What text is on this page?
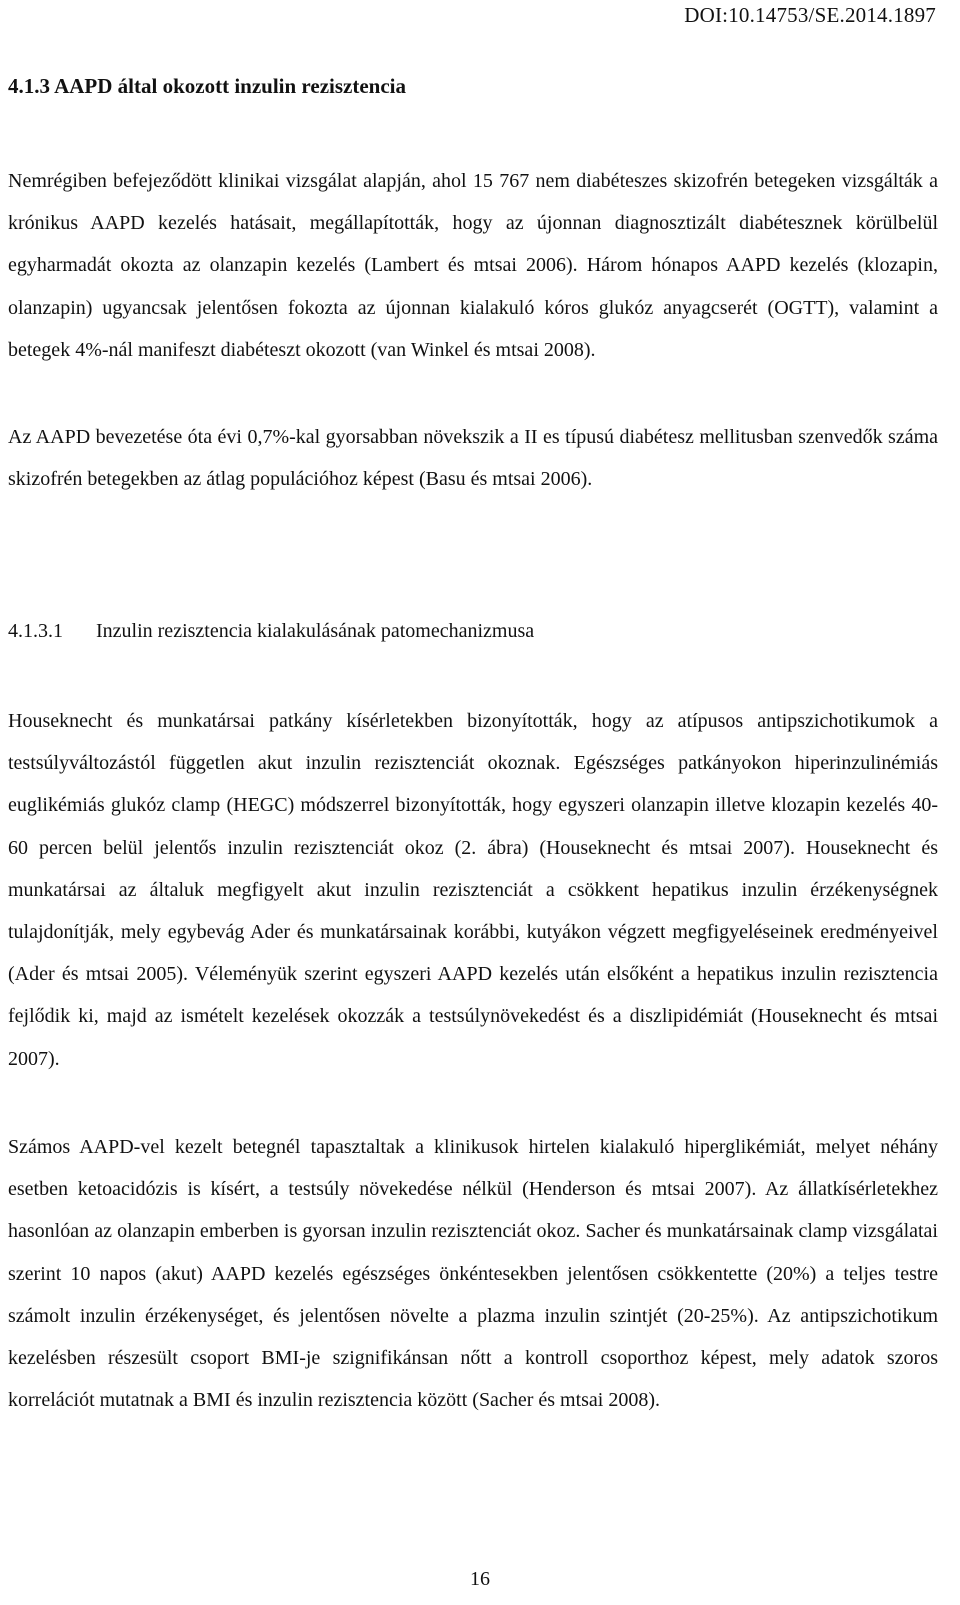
DOI:10.14753/SE.2014.1897
4.1.3 AAPD által okozott inzulin rezisztencia

Nemrégiben befejeződött klinikai vizsgálat alapján, ahol 15 767 nem diabéteszes skizofrén betegeken vizsgálták a krónikus AAPD kezelés hatásait, megállapították, hogy az újonnan diagnosztizált diabétesznek körülbelül egyharmadát okozta az olanzapin kezelés (Lambert és mtsai 2006). Három hónapos AAPD kezelés (klozapin, olanzapin) ugyancsak jelentősen fokozta az újonnan kialakuló kóros glukóz anyagcserét (OGTT), valamint a betegek 4%-nál manifeszt diabéteszt okozott (van Winkel és mtsai 2008).

Az AAPD bevezetése óta évi 0,7%-kal gyorsabban növekszik a II es típusú diabétesz mellitusban szenvedők száma skizofrén betegekben az átlag populációhoz képest (Basu és mtsai 2006).

4.1.3.1 Inzulin rezisztencia kialakulásának patomechanizmusa

Houseknecht és munkatársai patkány kísérletekben bizonyították, hogy az atípusos antipszichotikumok a testsúlyváltozástól független akut inzulin rezisztenciát okoznak. Egészséges patkányokon hiperinzulinémiás euglikémiás glukóz clamp (HEGC) módszerrel bizonyították, hogy egyszeri olanzapin illetve klozapin kezelés 40-60 percen belül jelentős inzulin rezisztenciát okoz (2. ábra) (Houseknecht és mtsai 2007). Houseknecht és munkatársai az általuk megfigyelt akut inzulin rezisztenciát a csökkent hepatikus inzulin érzékenységnek tulajdonítják, mely egybevág Ader és munkatársainak korábbi, kutyákon végzett megfigyeléseinek eredményeivel (Ader és mtsai 2005). Véleményük szerint egyszeri AAPD kezelés után elsőként a hepatikus inzulin rezisztencia fejlődik ki, majd az ismételt kezelések okozzák a testsúlynövekedést és a diszlipidémiát (Houseknecht és mtsai 2007).

Számos AAPD-vel kezelt betegnél tapasztaltak a klinikusok hirtelen kialakuló hiperglikémiát, melyet néhány esetben ketoacidózis is kísért, a testsúly növekedése nélkül (Henderson és mtsai 2007). Az állatkísérletekhez hasonlóan az olanzapin emberben is gyorsan inzulin rezisztenciát okoz. Sacher és munkatársainak clamp vizsgálatai szerint 10 napos (akut) AAPD kezelés egészséges önkéntesekben jelentősen csökkentette (20%) a teljes testre számolt inzulin érzékenységet, és jelentősen növelte a plazma inzulin szintjét (20-25%). Az antipszichotikum kezelésben részesült csoport BMI-je szignifikánsan nőtt a kontroll csoporthoz képest, mely adatok szoros korrelációt mutatnak a BMI és inzulin rezisztencia között (Sacher és mtsai 2008).

16
